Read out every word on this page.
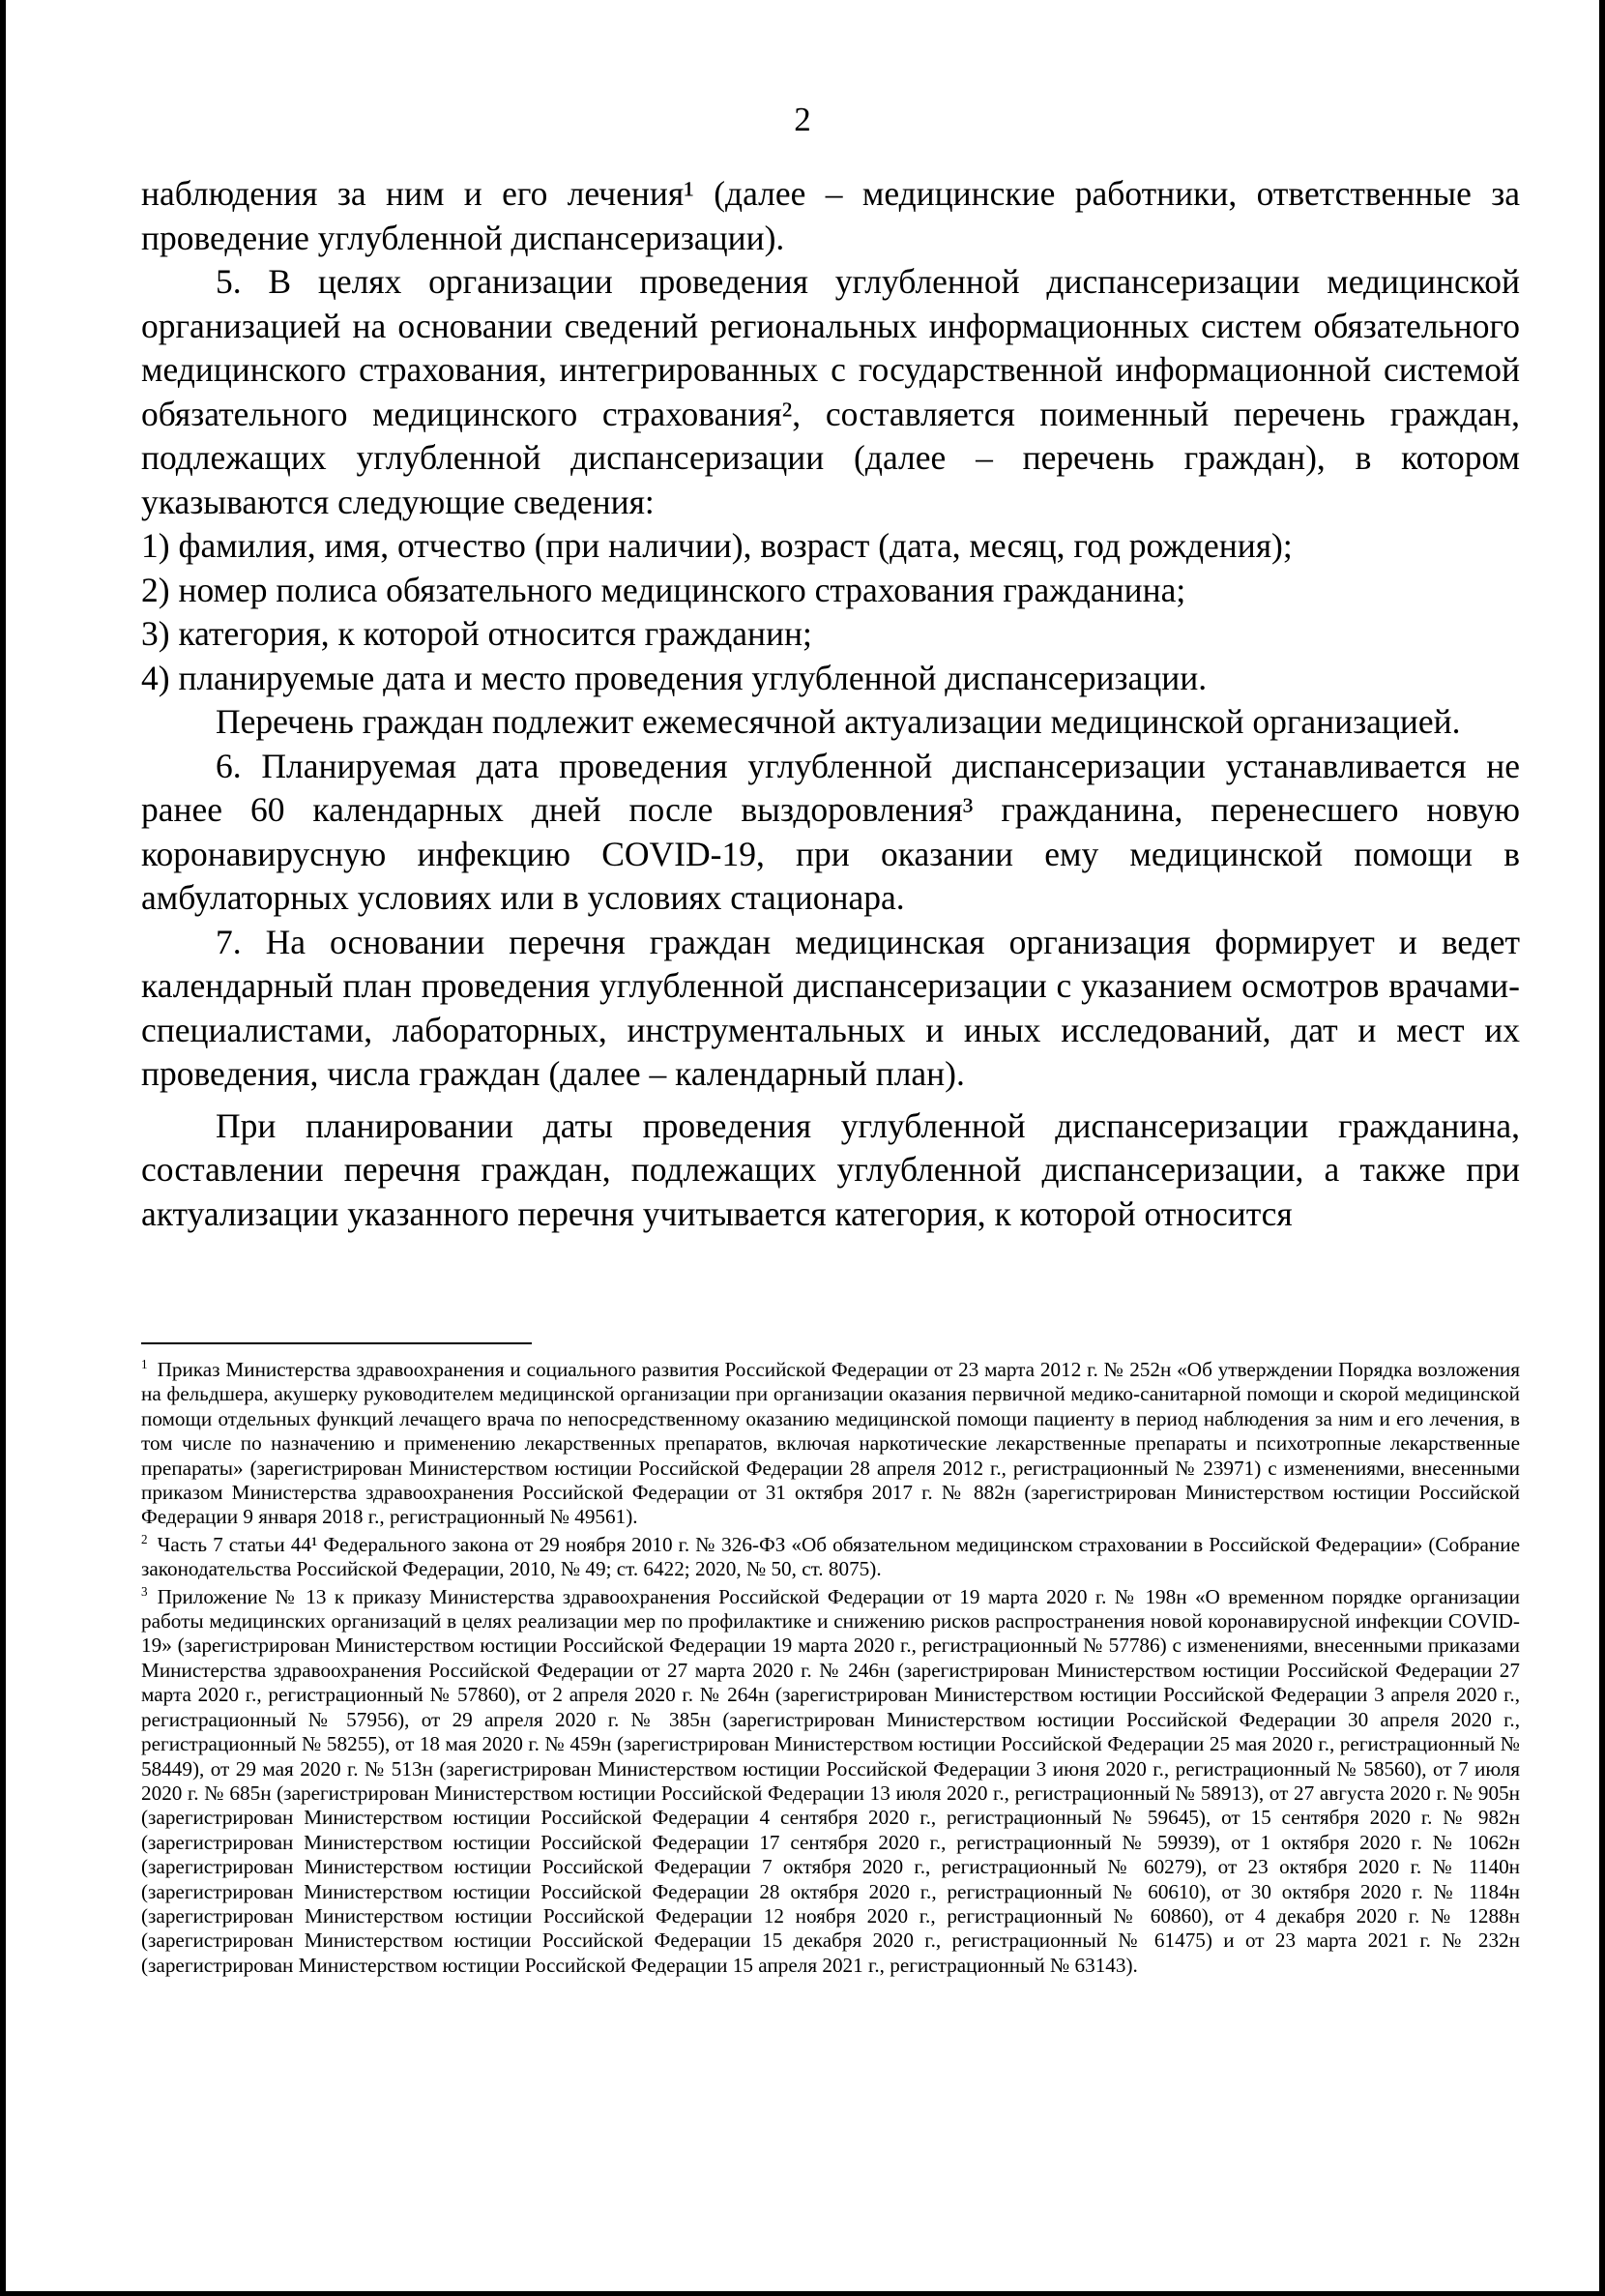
2

наблюдения за ним и его лечения¹ (далее – медицинские работники, ответственные за проведение углубленной диспансеризации).

5. В целях организации проведения углубленной диспансеризации медицинской организацией на основании сведений региональных информационных систем обязательного медицинского страхования, интегрированных с государственной информационной системой обязательного медицинского страхования², составляется поименный перечень граждан, подлежащих углубленной диспансеризации (далее – перечень граждан), в котором указываются следующие сведения:

1) фамилия, имя, отчество (при наличии), возраст (дата, месяц, год рождения);

2) номер полиса обязательного медицинского страхования гражданина;

3) категория, к которой относится гражданин;

4) планируемые дата и место проведения углубленной диспансеризации.

Перечень граждан подлежит ежемесячной актуализации медицинской организацией.

6. Планируемая дата проведения углубленной диспансеризации устанавливается не ранее 60 календарных дней после выздоровления³ гражданина, перенесшего новую коронавирусную инфекцию COVID-19, при оказании ему медицинской помощи в амбулаторных условиях или в условиях стационара.

7. На основании перечня граждан медицинская организация формирует и ведет календарный план проведения углубленной диспансеризации с указанием осмотров врачами-специалистами, лабораторных, инструментальных и иных исследований, дат и мест их проведения, числа граждан (далее – календарный план).

При планировании даты проведения углубленной диспансеризации гражданина, составлении перечня граждан, подлежащих углубленной диспансеризации, а также при актуализации указанного перечня учитывается категория, к которой относится

$^1$ Приказ Министерства здравоохранения и социального развития Российской Федерации от 23 марта 2012 г. № 252н «Об утверждении Порядка возложения на фельдшера, акушерку руководителем медицинской организации при организации оказания первичной медико-санитарной помощи и скорой медицинской помощи отдельных функций лечащего врача по непосредственному оказанию медицинской помощи пациенту в период наблюдения за ним и его лечения, в том числе по назначению и применению лекарственных препаратов, включая наркотические лекарственные препараты и психотропные лекарственные препараты» (зарегистрирован Министерством юстиции Российской Федерации 28 апреля 2012 г., регистрационный № 23971) с изменениями, внесенными приказом Министерства здравоохранения Российской Федерации от 31 октября 2017 г. № 882н (зарегистрирован Министерством юстиции Российской Федерации 9 января 2018 г., регистрационный № 49561).

$^2$ Часть 7 статьи 44¹ Федерального закона от 29 ноября 2010 г. № 326-ФЗ «Об обязательном медицинском страховании в Российской Федерации» (Собрание законодательства Российской Федерации, 2010, № 49; ст. 6422; 2020, № 50, ст. 8075).

$^3$ Приложение № 13 к приказу Министерства здравоохранения Российской Федерации от 19 марта 2020 г. № 198н «О временном порядке организации работы медицинских организаций в целях реализации мер по профилактике и снижению рисков распространения новой коронавирусной инфекции COVID-19» (зарегистрирован Министерством юстиции Российской Федерации 19 марта 2020 г., регистрационный № 57786) с изменениями, внесенными приказами Министерства здравоохранения Российской Федерации от 27 марта 2020 г. № 246н (зарегистрирован Министерством юстиции Российской Федерации 27 марта 2020 г., регистрационный № 57860), от 2 апреля 2020 г. № 264н (зарегистрирован Министерством юстиции Российской Федерации 3 апреля 2020 г., регистрационный № 57956), от 29 апреля 2020 г. № 385н (зарегистрирован Министерством юстиции Российской Федерации 30 апреля 2020 г., регистрационный № 58255), от 18 мая 2020 г. № 459н (зарегистрирован Министерством юстиции Российской Федерации 25 мая 2020 г., регистрационный № 58449), от 29 мая 2020 г. № 513н (зарегистрирован Министерством юстиции Российской Федерации 3 июня 2020 г., регистрационный № 58560), от 7 июля 2020 г. № 685н (зарегистрирован Министерством юстиции Российской Федерации 13 июля 2020 г., регистрационный № 58913), от 27 августа 2020 г. № 905н (зарегистрирован Министерством юстиции Российской Федерации 4 сентября 2020 г., регистрационный № 59645), от 15 сентября 2020 г. № 982н (зарегистрирован Министерством юстиции Российской Федерации 17 сентября 2020 г., регистрационный № 59939), от 1 октября 2020 г. № 1062н (зарегистрирован Министерством юстиции Российской Федерации 7 октября 2020 г., регистрационный № 60279), от 23 октября 2020 г. № 1140н (зарегистрирован Министерством юстиции Российской Федерации 28 октября 2020 г., регистрационный № 60610), от 30 октября 2020 г. № 1184н (зарегистрирован Министерством юстиции Российской Федерации 12 ноября 2020 г., регистрационный № 60860), от 4 декабря 2020 г. № 1288н (зарегистрирован Министерством юстиции Российской Федерации 15 декабря 2020 г., регистрационный № 61475) и от 23 марта 2021 г. № 232н (зарегистрирован Министерством юстиции Российской Федерации 15 апреля 2021 г., регистрационный № 63143).
